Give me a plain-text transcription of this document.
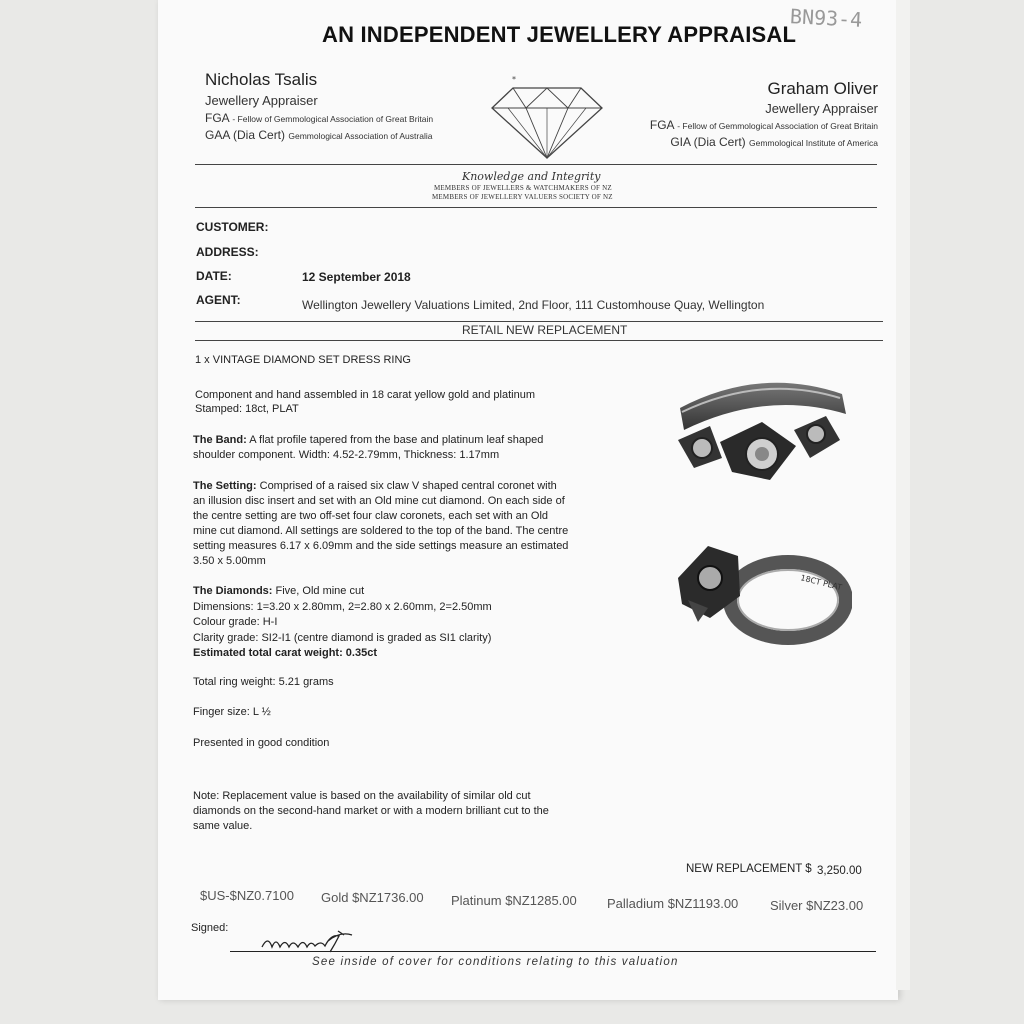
BN93-4
AN INDEPENDENT JEWELLERY APPRAISAL
Nicholas Tsalis
Jewellery Appraiser
FGA - Fellow of Gemmological Association of Great Britain
GAA (Dia Cert) Gemmological Association of Australia
*	Graham Oliver
Jewellery Appraiser
FGA - Fellow of Gemmological Association of Great Britain
GIA (Dia Cert) Gemmological Institute of America
Knowledge and Integrity
MEMBERS OF JEWELLERS & WATCHMAKERS OF NZ
MEMBERS OF JEWELLERY VALUERS SOCIETY OF NZ
CUSTOMER:
ADDRESS:
DATE:	12 September 2018
AGENT:	Wellington Jewellery Valuations Limited, 2nd Floor, 111 Customhouse Quay, Wellington
RETAIL NEW REPLACEMENT
1 x VINTAGE DIAMOND SET DRESS RING
Component and hand assembled in 18 carat yellow gold and platinum
Stamped: 18ct, PLAT
The Band: A flat profile tapered from the base and platinum leaf shaped shoulder component. Width: 4.52-2.79mm, Thickness: 1.17mm
The Setting: Comprised of a raised six claw V shaped central coronet with an illusion disc insert and set with an Old mine cut diamond. On each side of the centre setting are two off-set four claw coronets, each set with an Old mine cut diamond. All settings are soldered to the top of the band. The centre setting measures 6.17 x 6.09mm and the side settings measure an estimated 3.50 x 5.00mm
The Diamonds: Five, Old mine cut
Dimensions: 1=3.20 x 2.80mm, 2=2.80 x 2.60mm, 2=2.50mm
Colour grade: H-I
Clarity grade: SI2-I1 (centre diamond is graded as SI1 clarity)
Estimated total carat weight: 0.35ct
Total ring weight: 5.21 grams
Finger size: L ½
Presented in good condition
Note: Replacement value is based on the availability of similar old cut diamonds on the second-hand market or with a modern brilliant cut to the same value.
18CT PLAT
NEW REPLACEMENT $ 3,250.00
$US-$NZ0.7100 Gold $NZ1736.00 Platinum $NZ1285.00 Palladium $NZ1193.00 Silver $NZ23.00
Signed:
See inside of cover for conditions relating to this valuation
